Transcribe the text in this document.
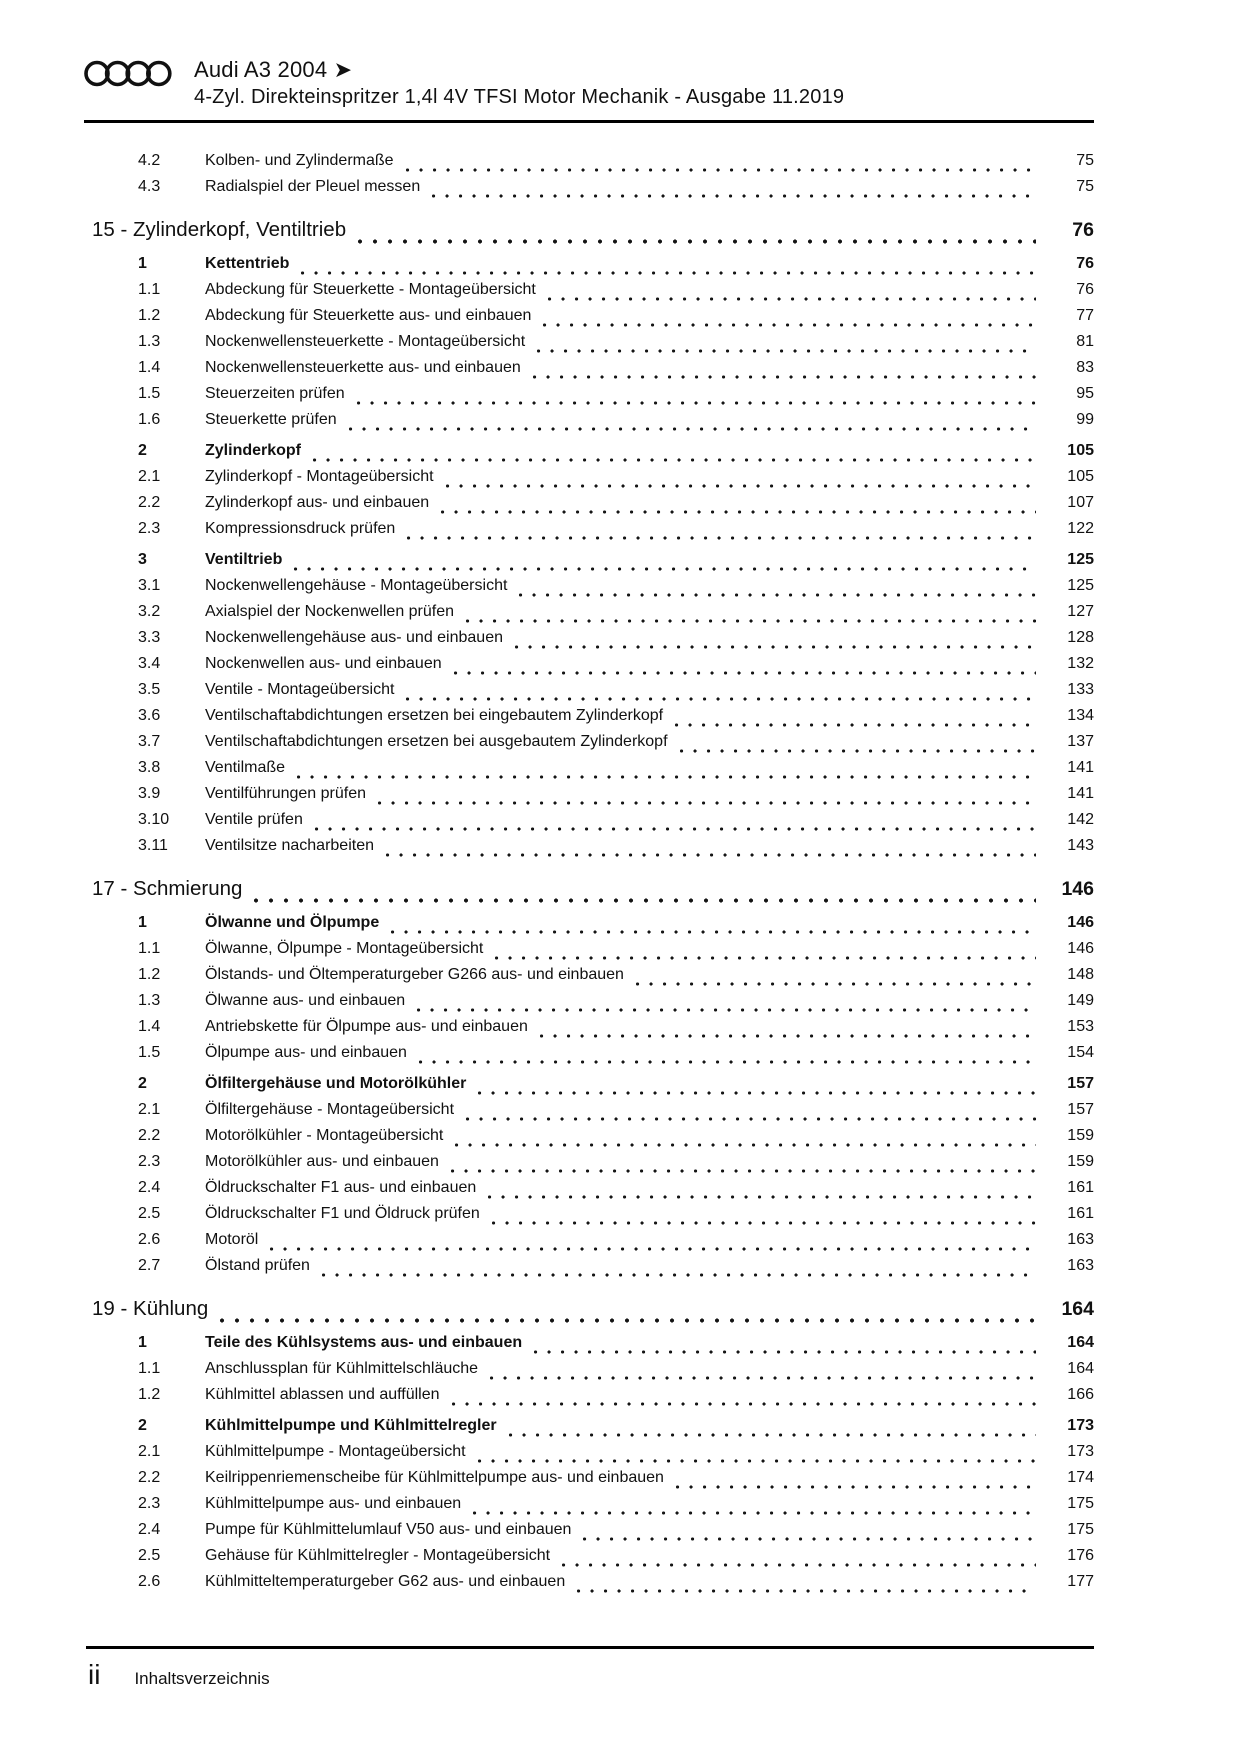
Audi A3 2004 ➤
4-Zyl. Direkteinspritzer 1,4l 4V TFSI Motor Mechanik - Ausgabe 11.2019
4.2	Kolben- und Zylindermaße	75
4.3	Radialspiel der Pleuel messen	75
15 - Zylinderkopf, Ventiltrieb	76
1	Kettentrieb	76
1.1	Abdeckung für Steuerkette - Montageübersicht	76
1.2	Abdeckung für Steuerkette aus- und einbauen	77
1.3	Nockenwellensteuerkette - Montageübersicht	81
1.4	Nockenwellensteuerkette aus- und einbauen	83
1.5	Steuerzeiten prüfen	95
1.6	Steuerkette prüfen	99
2	Zylinderkopf	105
2.1	Zylinderkopf - Montageübersicht	105
2.2	Zylinderkopf aus- und einbauen	107
2.3	Kompressionsdruck prüfen	122
3	Ventiltrieb	125
3.1	Nockenwellengehäuse - Montageübersicht	125
3.2	Axialspiel der Nockenwellen prüfen	127
3.3	Nockenwellengehäuse aus- und einbauen	128
3.4	Nockenwellen aus- und einbauen	132
3.5	Ventile - Montageübersicht	133
3.6	Ventilschaftabdichtungen ersetzen bei eingebautem Zylinderkopf	134
3.7	Ventilschaftabdichtungen ersetzen bei ausgebautem Zylinderkopf	137
3.8	Ventilmaße	141
3.9	Ventilführungen prüfen	141
3.10	Ventile prüfen	142
3.11	Ventilsitze nacharbeiten	143
17 - Schmierung	146
1	Ölwanne und Ölpumpe	146
1.1	Ölwanne, Ölpumpe - Montageübersicht	146
1.2	Ölstands- und Öltemperaturgeber G266 aus- und einbauen	148
1.3	Ölwanne aus- und einbauen	149
1.4	Antriebskette für Ölpumpe aus- und einbauen	153
1.5	Ölpumpe aus- und einbauen	154
2	Ölfiltergehäuse und Motorölkühler	157
2.1	Ölfiltergehäuse - Montageübersicht	157
2.2	Motorölkühler - Montageübersicht	159
2.3	Motorölkühler aus- und einbauen	159
2.4	Öldruckschalter F1 aus- und einbauen	161
2.5	Öldruckschalter F1 und Öldruck prüfen	161
2.6	Motoröl	163
2.7	Ölstand prüfen	163
19 - Kühlung	164
1	Teile des Kühlsystems aus- und einbauen	164
1.1	Anschlussplan für Kühlmittelschläuche	164
1.2	Kühlmittel ablassen und auffüllen	166
2	Kühlmittelpumpe und Kühlmittelregler	173
2.1	Kühlmittelpumpe - Montageübersicht	173
2.2	Keilrippenriemenscheibe für Kühlmittelpumpe aus- und einbauen	174
2.3	Kühlmittelpumpe aus- und einbauen	175
2.4	Pumpe für Kühlmittelumlauf V50 aus- und einbauen	175
2.5	Gehäuse für Kühlmittelregler - Montageübersicht	176
2.6	Kühlmitteltemperaturgeber G62 aus- und einbauen	177
ii Inhaltsverzeichnis
